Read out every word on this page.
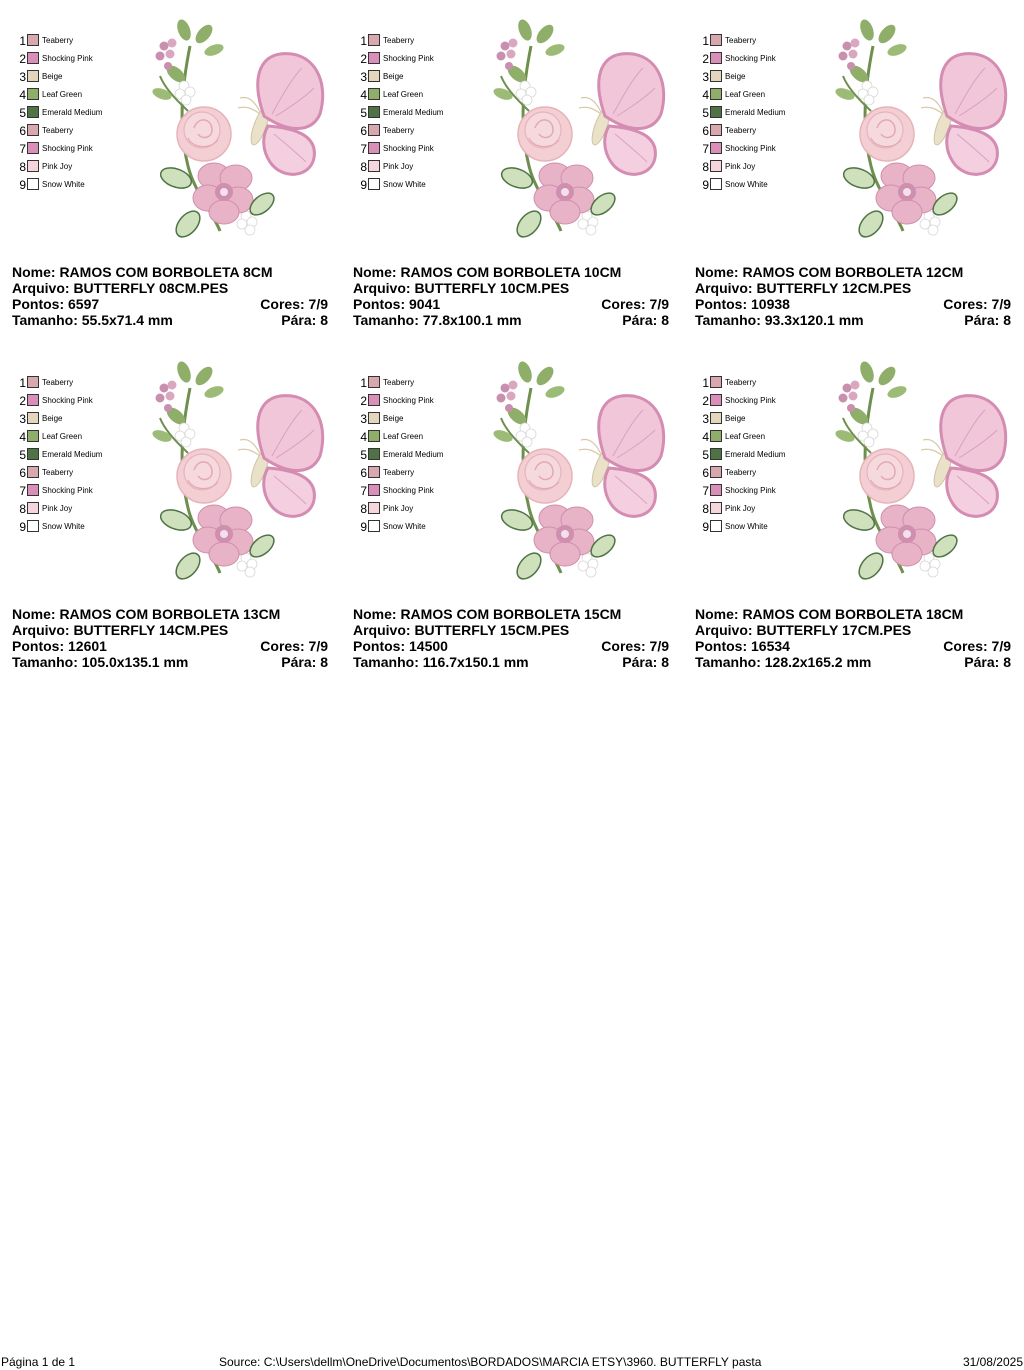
1 Teaberry
2 Shocking Pink
3 Beige
4 Leaf Green
5 Emerald Medium
6 Teaberry
7 Shocking Pink
8 Pink Joy
9 Snow White
Nome: RAMOS COM BORBOLETA 8CM
Arquivo: BUTTERFLY 08CM.PES
Pontos: 6597	Cores: 7/9
Tamanho: 55.5x71.4 mm	Pára: 8
1 Teaberry
2 Shocking Pink
3 Beige
4 Leaf Green
5 Emerald Medium
6 Teaberry
7 Shocking Pink
8 Pink Joy
9 Snow White
Nome: RAMOS COM BORBOLETA 10CM
Arquivo: BUTTERFLY 10CM.PES
Pontos: 9041	Cores: 7/9
Tamanho: 77.8x100.1 mm	Pára: 8
1 Teaberry
2 Shocking Pink
3 Beige
4 Leaf Green
5 Emerald Medium
6 Teaberry
7 Shocking Pink
8 Pink Joy
9 Snow White
Nome: RAMOS COM BORBOLETA 12CM
Arquivo: BUTTERFLY 12CM.PES
Pontos: 10938	Cores: 7/9
Tamanho: 93.3x120.1 mm	Pára: 8
1 Teaberry
2 Shocking Pink
3 Beige
4 Leaf Green
5 Emerald Medium
6 Teaberry
7 Shocking Pink
8 Pink Joy
9 Snow White
Nome: RAMOS COM BORBOLETA 13CM
Arquivo: BUTTERFLY 14CM.PES
Pontos: 12601	Cores: 7/9
Tamanho: 105.0x135.1 mm	Pára: 8
1 Teaberry
2 Shocking Pink
3 Beige
4 Leaf Green
5 Emerald Medium
6 Teaberry
7 Shocking Pink
8 Pink Joy
9 Snow White
Nome: RAMOS COM BORBOLETA 15CM
Arquivo: BUTTERFLY 15CM.PES
Pontos: 14500	Cores: 7/9
Tamanho: 116.7x150.1 mm	Pára: 8
1 Teaberry
2 Shocking Pink
3 Beige
4 Leaf Green
5 Emerald Medium
6 Teaberry
7 Shocking Pink
8 Pink Joy
9 Snow White
Nome: RAMOS COM BORBOLETA 18CM
Arquivo: BUTTERFLY 17CM.PES
Pontos: 16534	Cores: 7/9
Tamanho: 128.2x165.2 mm	Pára: 8
Página 1 de 1	Source: C:\Users\dellm\OneDrive\Documentos\BORDADOS\MARCIA ETSY\3960. BUTTERFLY pasta	31/08/2025
